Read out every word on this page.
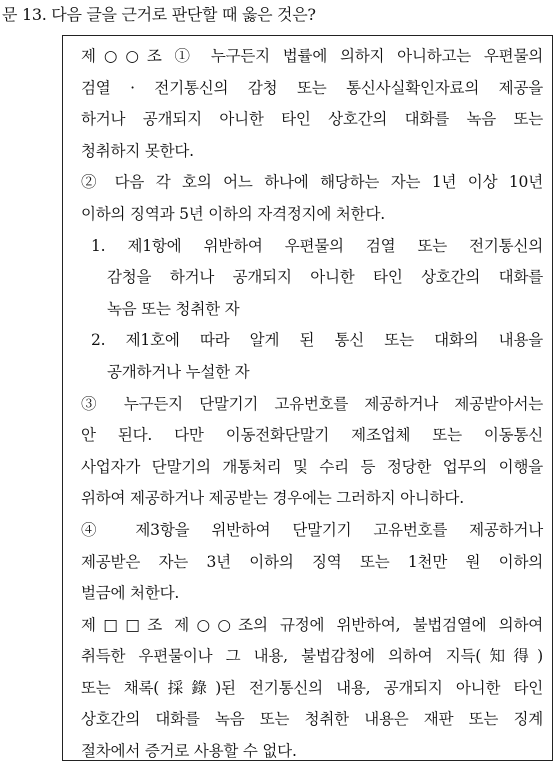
문 13. 다음 글을 근거로 판단할 때 옳은 것은?
제○○조 ① 누구든지 법률에 의하지 아니하고는 우편물의
검열 · 전기통신의 감청 또는 통신사실확인자료의 제공을
하거나 공개되지 아니한 타인 상호간의 대화를 녹음 또는
청취하지 못한다.
② 다음 각 호의 어느 하나에 해당하는 자는 1년 이상 10년
이하의 징역과 5년 이하의 자격정지에 처한다.
1. 제1항에 위반하여 우편물의 검열 또는 전기통신의
감청을 하거나 공개되지 아니한 타인 상호간의 대화를
녹음 또는 청취한 자
2. 제1호에 따라 알게 된 통신 또는 대화의 내용을
공개하거나 누설한 자
③ 누구든지 단말기기 고유번호를 제공하거나 제공받아서는
안 된다. 다만 이동전화단말기 제조업체 또는 이동통신
사업자가 단말기의 개통처리 및 수리 등 정당한 업무의 이행을
위하여 제공하거나 제공받는 경우에는 그러하지 아니하다.
④ 제3항을 위반하여 단말기기 고유번호를 제공하거나
제공받은 자는 3년 이하의 징역 또는 1천만 원 이하의
벌금에 처한다.
제□□조 제○○조의 규정에 위반하여, 불법검열에 의하여
취득한 우편물이나 그 내용, 불법감청에 의하여 지득(知得)
또는 채록(採錄)된 전기통신의 내용, 공개되지 아니한 타인
상호간의 대화를 녹음 또는 청취한 내용은 재판 또는 징계
절차에서 증거로 사용할 수 없다.
